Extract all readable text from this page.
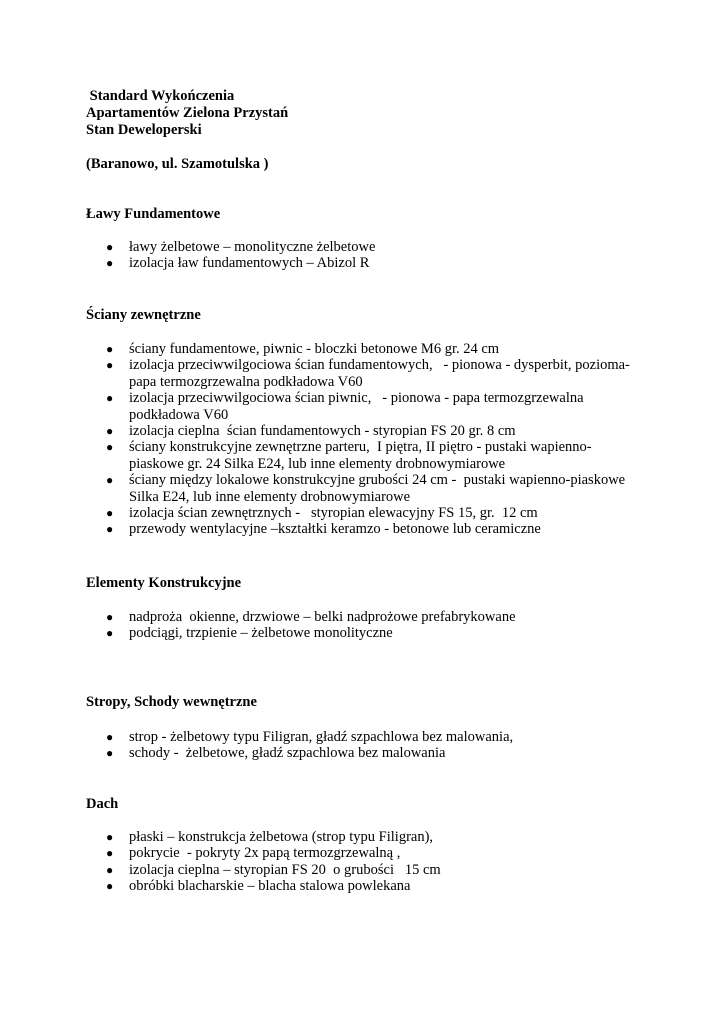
Standard Wykończenia
Apartamentów Zielona Przystań
Stan Deweloperski

(Baranowo, ul. Szamotulska )
Ławy Fundamentowe
● ławy żelbetowe – monolityczne żelbetowe
● izolacja ław fundamentowych – Abizol R
Ściany zewnętrzne
● ściany fundamentowe, piwnic - bloczki betonowe M6 gr. 24 cm
● izolacja przeciwwilgociowa ścian fundamentowych,   - pionowa - dysperbit, pozioma-
papa termozgrzewalna podkładowa V60
● izolacja przeciwwilgociowa ścian piwnic,   - pionowa - papa termozgrzewalna
podkładowa V60
● izolacja cieplna  ścian fundamentowych - styropian FS 20 gr. 8 cm
● ściany konstrukcyjne zewnętrzne parteru,  I piętra, II piętro - pustaki wapienno-
piaskowe gr. 24 Silka E24, lub inne elementy drobnowymiarowe
● ściany między lokalowe konstrukcyjne grubości 24 cm -  pustaki wapienno-piaskowe
Silka E24, lub inne elementy drobnowymiarowe
● izolacja ścian zewnętrznych -   styropian elewacyjny FS 15, gr.  12 cm
● przewody wentylacyjne –kształtki keramzo - betonowe lub ceramiczne
Elementy Konstrukcyjne
● nadproża  okienne, drzwiowe – belki nadprożowe prefabrykowane
● podciągi, trzpienie – żelbetowe monolityczne
Stropy, Schody wewnętrzne
● strop - żelbetowy typu Filigran, gładź szpachlowa bez malowania,
● schody -  żelbetowe, gładź szpachlowa bez malowania
Dach
● płaski – konstrukcja żelbetowa (strop typu Filigran),
● pokrycie  - pokryty 2x papą termozgrzewalną ,
● izolacja cieplna – styropian FS 20  o grubości   15 cm
● obróbki blacharskie – blacha stalowa powlekana
